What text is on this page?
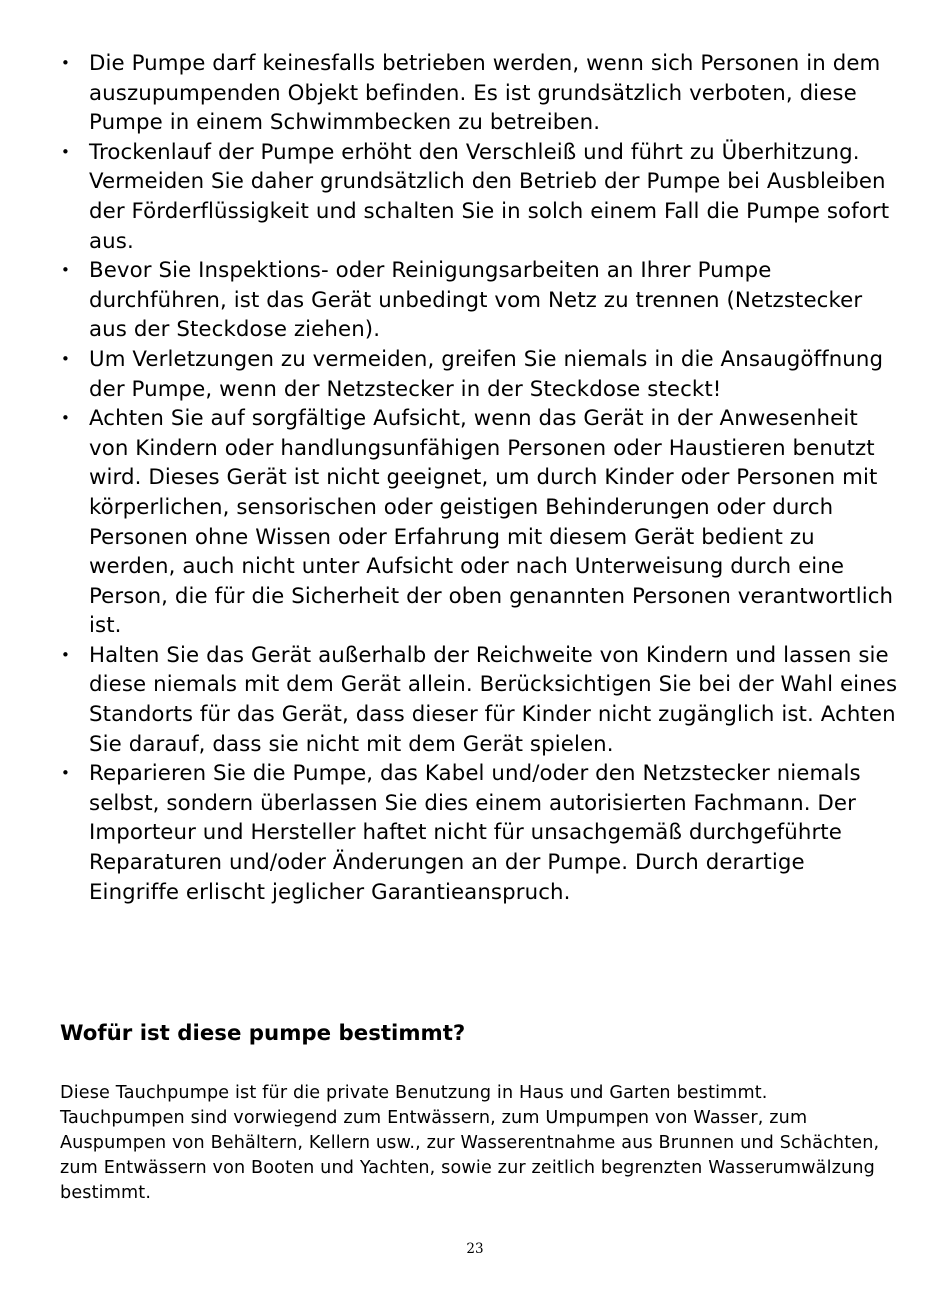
• Die Pumpe darf keinesfalls betrieben werden, wenn sich Personen in dem auszupumpenden Objekt befinden. Es ist grundsätzlich verboten, diese Pumpe in einem Schwimmbecken zu betreiben.
• Trockenlauf der Pumpe erhöht den Verschleiß und führt zu Überhitzung. Vermeiden Sie daher grundsätzlich den Betrieb der Pumpe bei Ausbleiben der Förderflüssigkeit und schalten Sie in solch einem Fall die Pumpe sofort aus.
• Bevor Sie Inspektions- oder Reinigungsarbeiten an Ihrer Pumpe durchführen, ist das Gerät unbedingt vom Netz zu trennen (Netzstecker aus der Steckdose ziehen).
• Um Verletzungen zu vermeiden, greifen Sie niemals in die Ansaugöffnung der Pumpe, wenn der Netzstecker in der Steckdose steckt!
• Achten Sie auf sorgfältige Aufsicht, wenn das Gerät in der Anwesenheit von Kindern oder handlungsunfähigen Personen oder Haustieren benutzt wird. Dieses Gerät ist nicht geeignet, um durch Kinder oder Personen mit körperlichen, sensorischen oder geistigen Behinderungen oder durch Personen ohne Wissen oder Erfahrung mit diesem Gerät bedient zu werden, auch nicht unter Aufsicht oder nach Unterweisung durch eine Person, die für die Sicherheit der oben genannten Personen verantwortlich ist.
• Halten Sie das Gerät außerhalb der Reichweite von Kindern und lassen sie diese niemals mit dem Gerät allein. Berücksichtigen Sie bei der Wahl eines Standorts für das Gerät, dass dieser für Kinder nicht zugänglich ist. Achten Sie darauf, dass sie nicht mit dem Gerät spielen.
• Reparieren Sie die Pumpe, das Kabel und/oder den Netzstecker niemals selbst, sondern überlassen Sie dies einem autorisierten Fachmann. Der Importeur und Hersteller haftet nicht für unsachgemäß durchgeführte Reparaturen und/oder Änderungen an der Pumpe. Durch derartige Eingriffe erlischt jeglicher Garantieanspruch.
Wofür ist diese pumpe bestimmt?

Diese Tauchpumpe ist für die private Benutzung in Haus und Garten bestimmt. Tauchpumpen sind vorwiegend zum Entwässern, zum Umpumpen von Wasser, zum Auspumpen von Behältern, Kellern usw., zur Wasserentnahme aus Brunnen und Schächten, zum Entwässern von Booten und Yachten, sowie zur zeitlich begrenzten Wasserumwälzung bestimmt.

23
